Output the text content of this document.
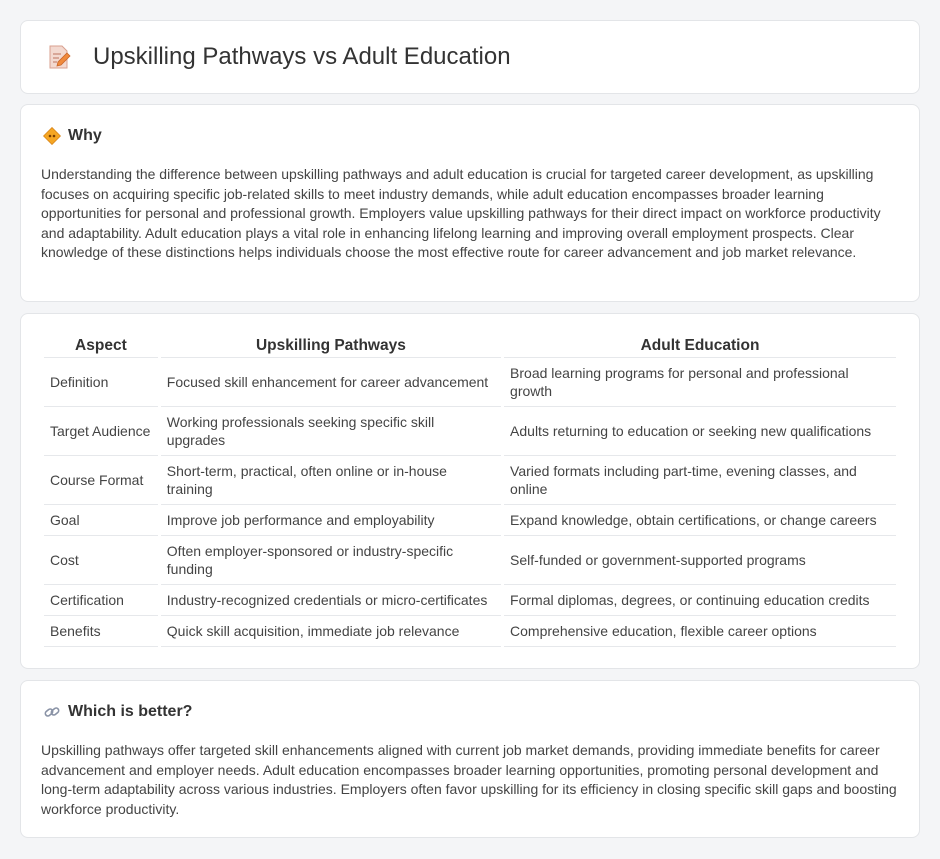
Upskilling Pathways vs Adult Education
Why

Understanding the difference between upskilling pathways and adult education is crucial for targeted career development, as upskilling focuses on acquiring specific job-related skills to meet industry demands, while adult education encompasses broader learning opportunities for personal and professional growth. Employers value upskilling pathways for their direct impact on workforce productivity and adaptability. Adult education plays a vital role in enhancing lifelong learning and improving overall employment prospects. Clear knowledge of these distinctions helps individuals choose the most effective route for career advancement and job market relevance.

Aspect	Upskilling Pathways	Adult Education
Definition	Focused skill enhancement for career advancement	Broad learning programs for personal and professional growth
Target Audience	Working professionals seeking specific skill upgrades	Adults returning to education or seeking new qualifications
Course Format	Short-term, practical, often online or in-house training	Varied formats including part-time, evening classes, and online
Goal	Improve job performance and employability	Expand knowledge, obtain certifications, or change careers
Cost	Often employer-sponsored or industry-specific funding	Self-funded or government-supported programs
Certification	Industry-recognized credentials or micro-certificates	Formal diplomas, degrees, or continuing education credits
Benefits	Quick skill acquisition, immediate job relevance	Comprehensive education, flexible career options
Which is better?

Upskilling pathways offer targeted skill enhancements aligned with current job market demands, providing immediate benefits for career advancement and employer needs. Adult education encompasses broader learning opportunities, promoting personal development and long-term adaptability across various industries. Employers often favor upskilling for its efficiency in closing specific skill gaps and boosting workforce productivity.
